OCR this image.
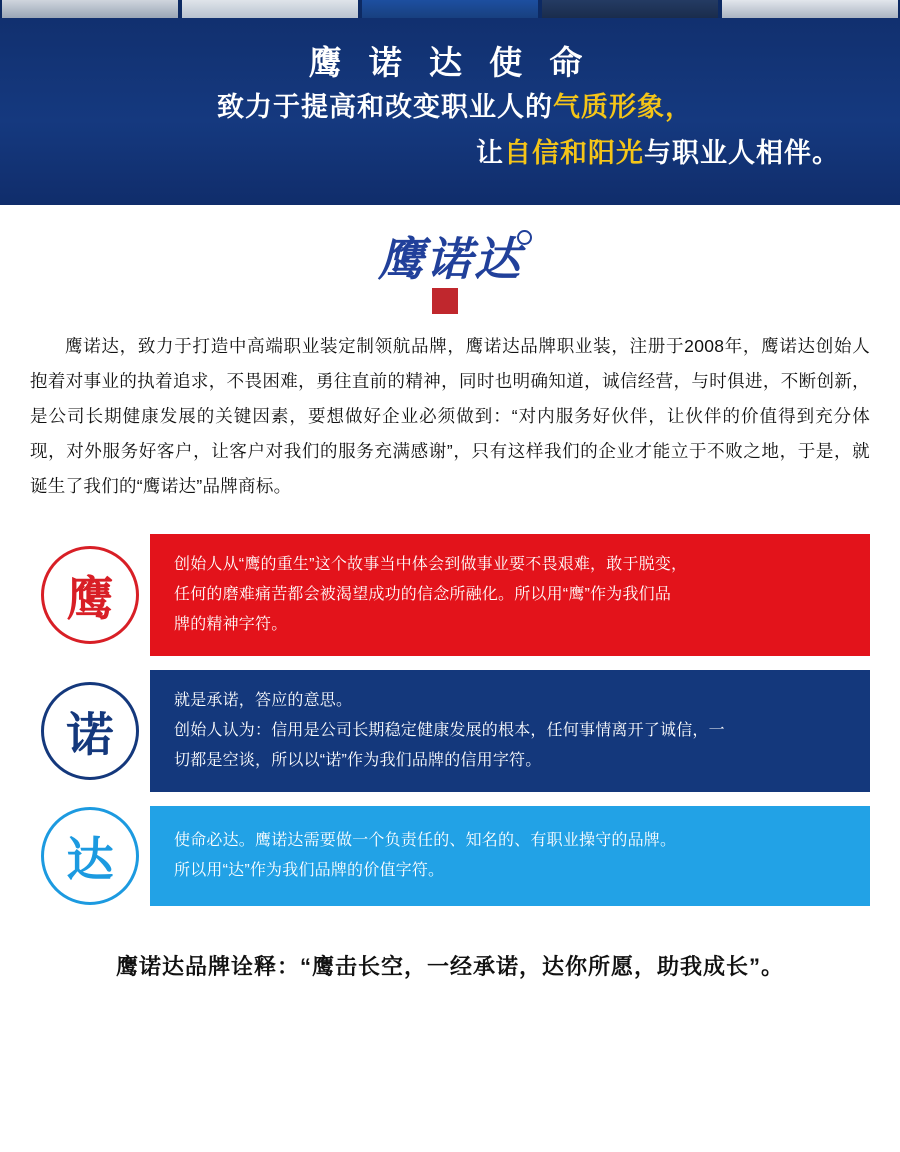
鹰 诺 达 使 命
致力于提高和改变职业人的气质形象，
让自信和阳光与职业人相伴。
鹰诺达
鹰诺达，致力于打造中高端职业装定制领航品牌，鹰诺达品牌职业装，注册于2008年，鹰诺达创始人抱着对事业的执着追求，不畏困难，勇往直前的精神，同时也明确知道，诚信经营，与时俱进，不断创新，是公司长期健康发展的关键因素，要想做好企业必须做到：“对内服务好伙伴，让伙伴的价值得到充分体现，对外服务好客户，让客户对我们的服务充满感谢”，只有这样我们的企业才能立于不败之地，于是，就诞生了我们的“鹰诺达”品牌商标。
鹰

创始人从“鹰的重生”这个故事当中体会到做事业要不畏艰难，敢于脱变，

任何的磨难痛苦都会被渴望成功的信念所融化。所以用“鹰”作为我们品

牌的精神字符。

诺

就是承诺，答应的意思。

创始人认为：信用是公司长期稳定健康发展的根本，任何事情离开了诚信，一

切都是空谈，所以以“诺”作为我们品牌的信用字符。

达	使命必达。鹰诺达需要做一个负责任的、知名的、有职业操守的品牌。

所以用“达”作为我们品牌的价值字符。

鹰诺达品牌诠释：“鹰击长空，一经承诺，达你所愿，助我成长”。
